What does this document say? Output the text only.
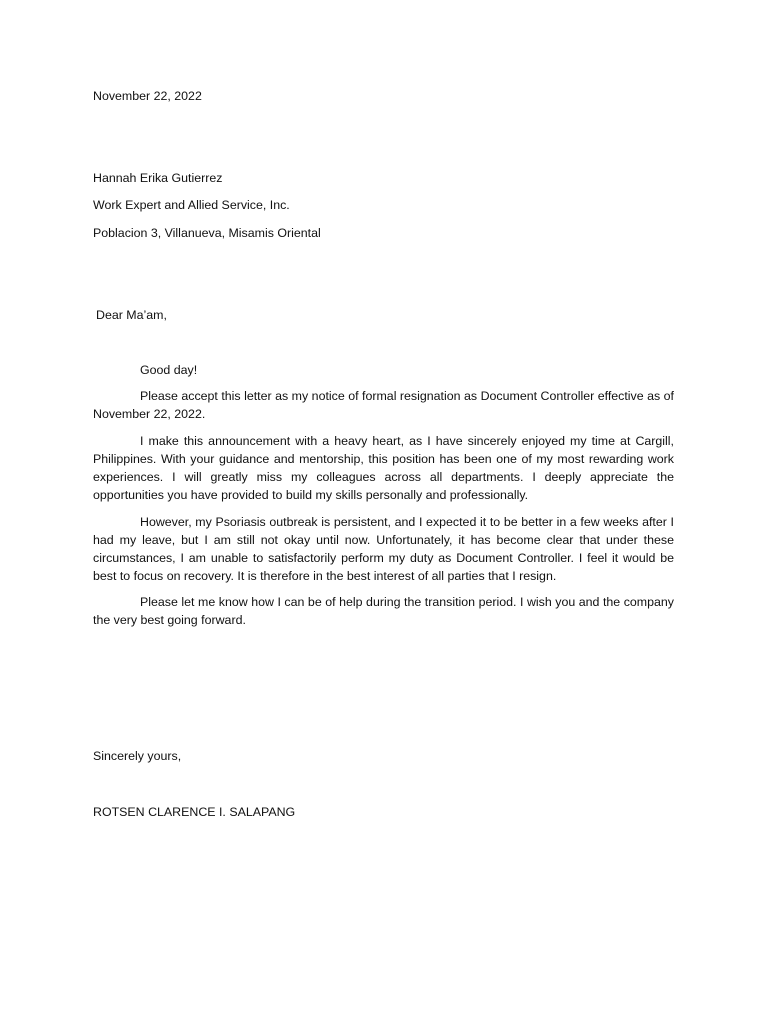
November 22, 2022
Hannah Erika Gutierrez
Work Expert and Allied Service, Inc.
Poblacion 3, Villanueva, Misamis Oriental
Dear Ma’am,
Good day!

Please accept this letter as my notice of formal resignation as Document Controller effective as of November 22, 2022.

I make this announcement with a heavy heart, as I have sincerely enjoyed my time at Cargill, Philippines. With your guidance and mentorship, this position has been one of my most rewarding work experiences. I will greatly miss my colleagues across all departments. I deeply appreciate the opportunities you have provided to build my skills personally and professionally.

However, my Psoriasis outbreak is persistent, and I expected it to be better in a few weeks after I had my leave, but I am still not okay until now. Unfortunately, it has become clear that under these circumstances, I am unable to satisfactorily perform my duty as Document Controller. I feel it would be best to focus on recovery. It is therefore in the best interest of all parties that I resign.

Please let me know how I can be of help during the transition period. I wish you and the company the very best going forward.

Sincerely yours,
ROTSEN CLARENCE I. SALAPANG
